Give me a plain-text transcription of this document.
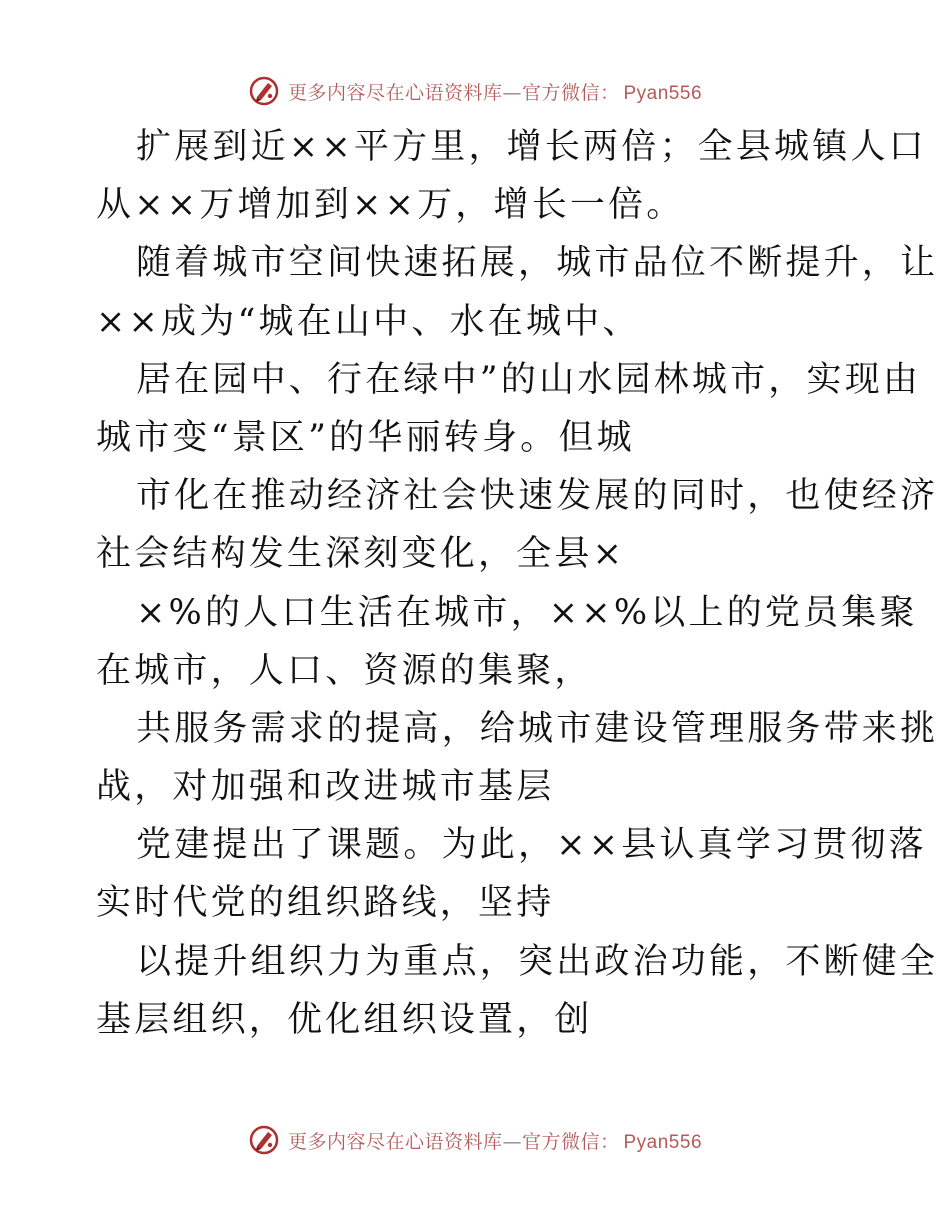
更多内容尽在心语资料库—官方微信： Pyan556
扩展到近××平方里，增长两倍；全县城镇人口
从××万增加到××万，增长一倍。
随着城市空间快速拓展，城市品位不断提升，让
××成为“城在山中、水在城中、
居在园中、行在绿中”的山水园林城市，实现由
城市变“景区”的华丽转身。但城
市化在推动经济社会快速发展的同时，也使经济
社会结构发生深刻变化，全县×
×%的人口生活在城市，××%以上的党员集聚
在城市，人口、资源的集聚，
共服务需求的提高，给城市建设管理服务带来挑
战，对加强和改进城市基层
党建提出了课题。为此，××县认真学习贯彻落
实时代党的组织路线，坚持
以提升组织力为重点，突出政治功能，不断健全
基层组织，优化组织设置，创
更多内容尽在心语资料库—官方微信： Pyan556
